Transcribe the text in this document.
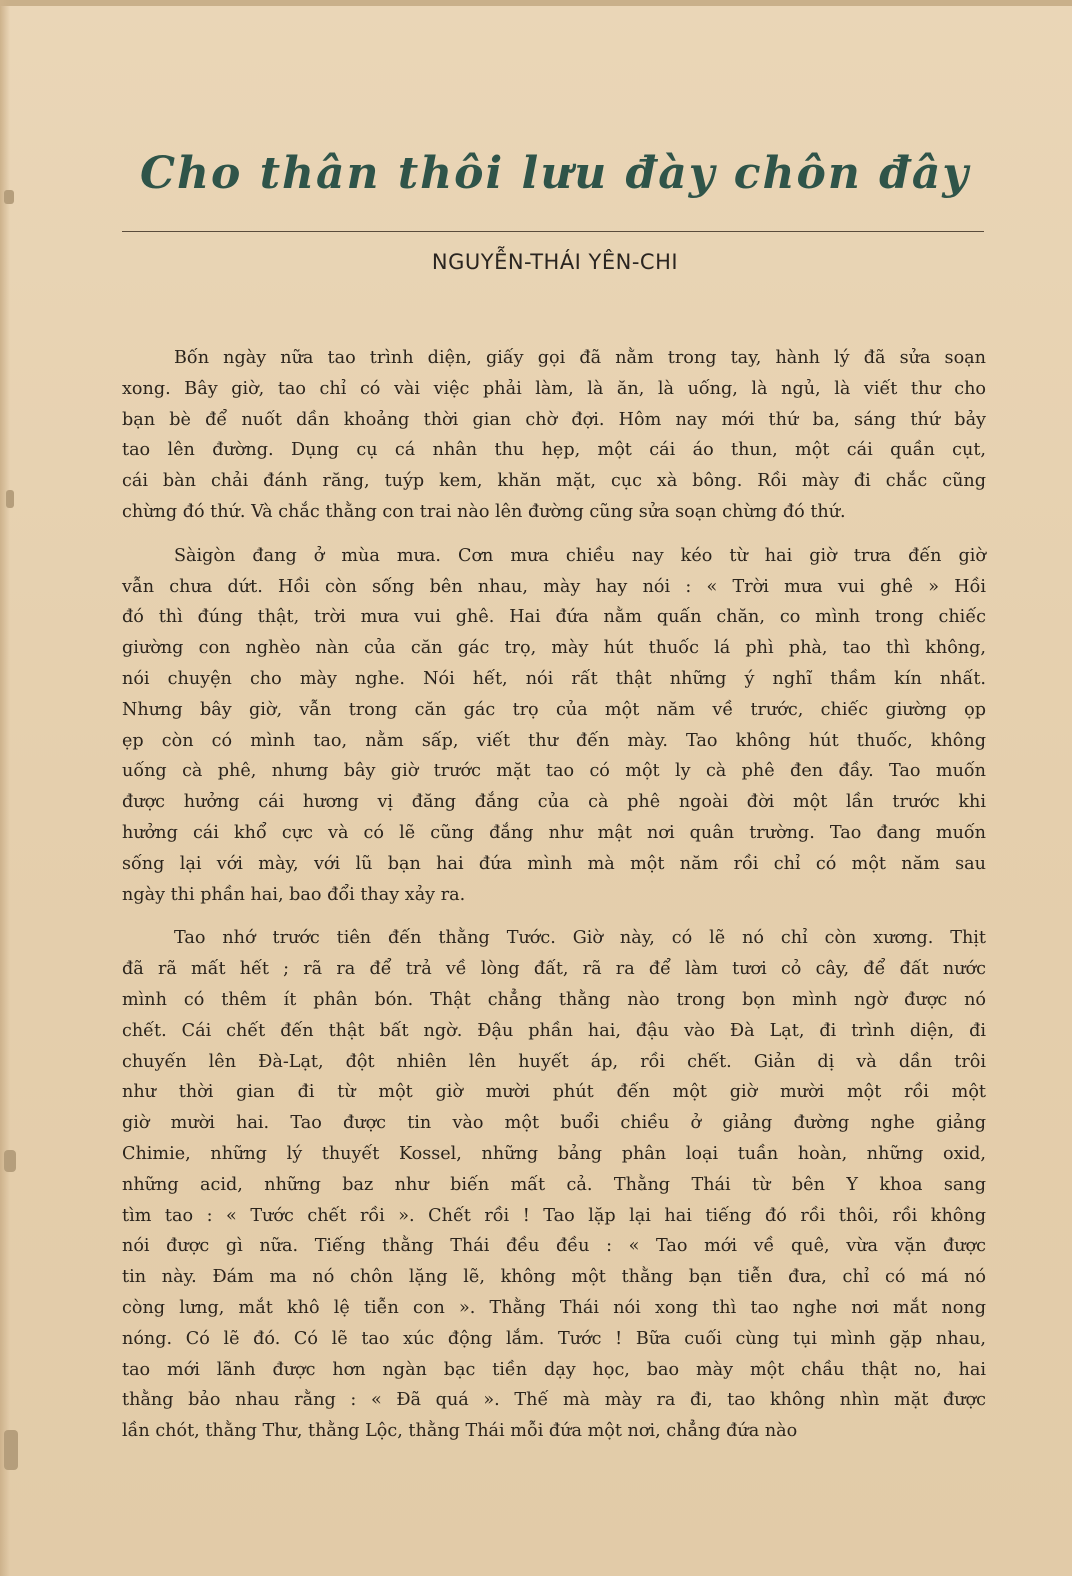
Cho thân thôi lưu đày chôn đây
NGUYỄN-THÁI YÊN-CHI
Bốn ngày nữa tao trình diện, giấy gọi đã nằm trong tay, hành lý đã sửa soạn
xong. Bây giờ, tao chỉ có vài việc phải làm, là ăn, là uống, là ngủ, là viết thư cho
bạn bè để nuốt dần khoảng thời gian chờ đợi. Hôm nay mới thứ ba, sáng thứ bảy
tao lên đường. Dụng cụ cá nhân thu hẹp, một cái áo thun, một cái quần cụt,
cái bàn chải đánh răng, tuýp kem, khăn mặt, cục xà bông. Rồi mày đi chắc cũng
chừng đó thứ. Và chắc thằng con trai nào lên đường cũng sửa soạn chừng đó thứ.
Sàigòn đang ở mùa mưa. Cơn mưa chiều nay kéo từ hai giờ trưa đến giờ
vẫn chưa dứt. Hồi còn sống bên nhau, mày hay nói : « Trời mưa vui ghê » Hồi
đó thì đúng thật, trời mưa vui ghê. Hai đứa nằm quấn chăn, co mình trong chiếc
giường con nghèo nàn của căn gác trọ, mày hút thuốc lá phì phà, tao thì không,
nói chuyện cho mày nghe. Nói hết, nói rất thật những ý nghĩ thầm kín nhất.
Nhưng bây giờ, vẫn trong căn gác trọ của một năm về trước, chiếc giường ọp
ẹp còn có mình tao, nằm sấp, viết thư đến mày. Tao không hút thuốc, không
uống cà phê, nhưng bây giờ trước mặt tao có một ly cà phê đen đầy. Tao muốn
được hưởng cái hương vị đăng đắng của cà phê ngoài đời một lần trước khi
hưởng cái khổ cực và có lẽ cũng đắng như mật nơi quân trường. Tao đang muốn
sống lại với mày, với lũ bạn hai đứa mình mà một năm rồi chỉ có một năm sau
ngày thi phần hai, bao đổi thay xảy ra.
Tao nhớ trước tiên đến thằng Tước. Giờ này, có lẽ nó chỉ còn xương. Thịt
đã rã mất hết ; rã ra để trả về lòng đất, rã ra để làm tươi cỏ cây, để đất nước
mình có thêm ít phân bón. Thật chẳng thằng nào trong bọn mình ngờ được nó
chết. Cái chết đến thật bất ngờ. Đậu phần hai, đậu vào Đà Lạt, đi trình diện, đi
chuyến lên Đà-Lạt, đột nhiên lên huyết áp, rồi chết. Giản dị và dần trôi
như thời gian đi từ một giờ mười phút đến một giờ mười một rồi một
giờ mười hai. Tao được tin vào một buổi chiều ở giảng đường nghe giảng
Chimie, những lý thuyết Kossel, những bảng phân loại tuần hoàn, những oxid,
những acid, những baz như biến mất cả. Thằng Thái từ bên Y khoa sang
tìm tao : « Tước chết rồi ». Chết rồi ! Tao lặp lại hai tiếng đó rồi thôi, rồi không
nói được gì nữa. Tiếng thằng Thái đều đều : « Tao mới về quê, vừa vặn được
tin này. Đám ma nó chôn lặng lẽ, không một thằng bạn tiễn đưa, chỉ có má nó
còng lưng, mắt khô lệ tiễn con ». Thằng Thái nói xong thì tao nghe nơi mắt nong
nóng. Có lẽ đó. Có lẽ tao xúc động lắm. Tước ! Bữa cuối cùng tụi mình gặp nhau,
tao mới lãnh được hơn ngàn bạc tiền dạy học, bao mày một chầu thật no, hai
thằng bảo nhau rằng : « Đã quá ». Thế mà mày ra đi, tao không nhìn mặt được
lần chót, thằng Thư, thằng Lộc, thằng Thái mỗi đứa một nơi, chẳng đứa nào
